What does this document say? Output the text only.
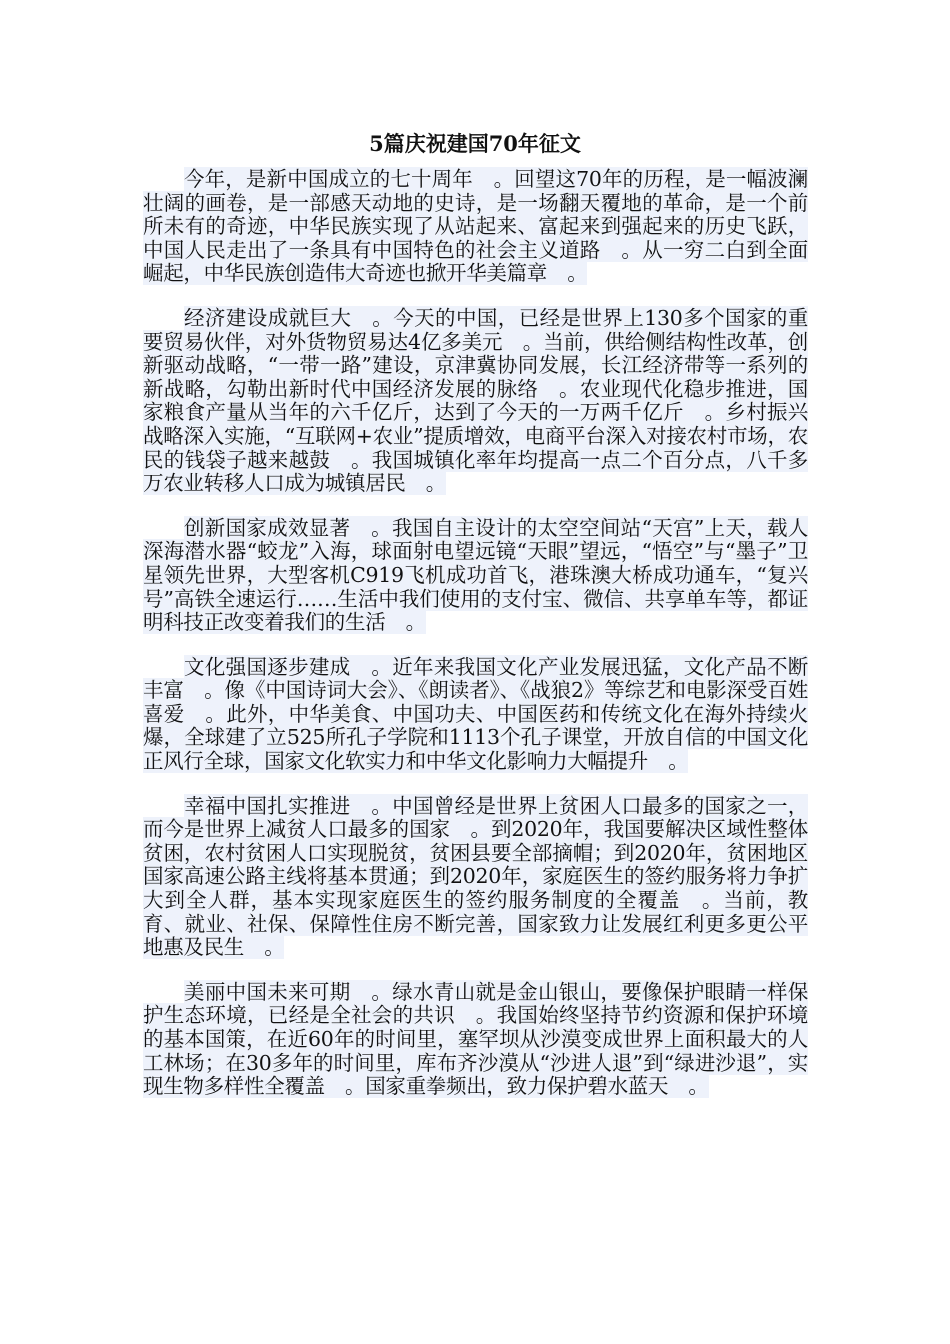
5篇庆祝建国70年征文

今年，是新中国成立的七十周年　。回望这70年的历程，是一幅波澜壮阔的画卷，是一部感天动地的史诗，是一场翻天覆地的革命，是一个前所未有的奇迹，中华民族实现了从站起来、富起来到强起来的历史飞跃，中国人民走出了一条具有中国特色的社会主义道路　。从一穷二白到全面崛起，中华民族创造伟大奇迹也掀开华美篇章　。

经济建设成就巨大　。今天的中国，已经是世界上130多个国家的重要贸易伙伴，对外货物贸易达4亿多美元　。当前，供给侧结构性改革，创新驱动战略，“一带一路”建设，京津冀协同发展，长江经济带等一系列的新战略，勾勒出新时代中国经济发展的脉络　。农业现代化稳步推进，国家粮食产量从当年的六千亿斤，达到了今天的一万两千亿斤　。乡村振兴战略深入实施，“互联网+农业”提质增效，电商平台深入对接农村市场，农民的钱袋子越来越鼓　。我国城镇化率年均提高一点二个百分点，八千多万农业转移人口成为城镇居民　。

创新国家成效显著　。我国自主设计的太空空间站“天宫”上天，载人深海潜水器“蛟龙”入海，球面射电望远镜“天眼”望远，“悟空”与“墨子”卫星领先世界，大型客机C919飞机成功首飞，港珠澳大桥成功通车，“复兴号”高铁全速运行……生活中我们使用的支付宝、微信、共享单车等，都证明科技正改变着我们的生活　。

文化强国逐步建成　。近年来我国文化产业发展迅猛，文化产品不断丰富　。像《中国诗词大会》、《朗读者》、《战狼2》等综艺和电影深受百姓喜爱　。此外，中华美食、中国功夫、中国医药和传统文化在海外持续火爆，全球建了立525所孔子学院和1113个孔子课堂，开放自信的中国文化正风行全球，国家文化软实力和中华文化影响力大幅提升　。

幸福中国扎实推进　。中国曾经是世界上贫困人口最多的国家之一，而今是世界上减贫人口最多的国家　。到2020年，我国要解决区域性整体贫困，农村贫困人口实现脱贫，贫困县要全部摘帽；到2020年，贫困地区国家高速公路主线将基本贯通；到2020年，家庭医生的签约服务将力争扩大到全人群，基本实现家庭医生的签约服务制度的全覆盖　。当前，教育、就业、社保、保障性住房不断完善，国家致力让发展红利更多更公平地惠及民生　。

美丽中国未来可期　。绿水青山就是金山银山，要像保护眼睛一样保护生态环境，已经是全社会的共识　。我国始终坚持节约资源和保护环境的基本国策，在近60年的时间里，塞罕坝从沙漠变成世界上面积最大的人工林场；在30多年的时间里，库布齐沙漠从“沙进人退”到“绿进沙退”，实现生物多样性全覆盖　。国家重拳频出，致力保护碧水蓝天　。
